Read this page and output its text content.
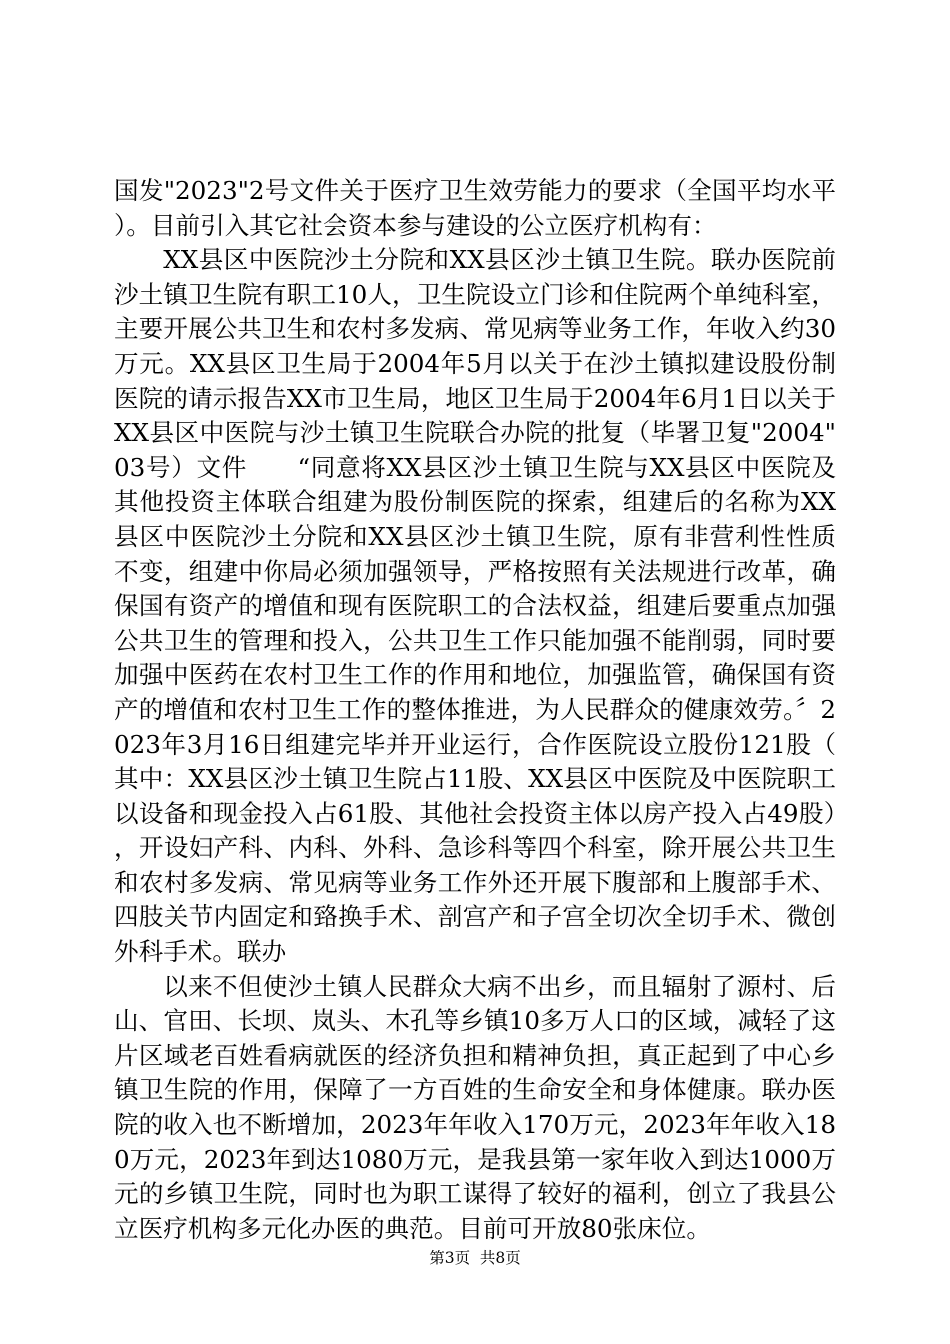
国发"2023"2号文件关于医疗卫生效劳能力的要求（全国平均水平）。目前引入其它社会资本参与建设的公立医疗机构有：

XX县区中医院沙土分院和XX县区沙土镇卫生院。联办医院前沙土镇卫生院有职工10人，卫生院设立门诊和住院两个单纯科室，主要开展公共卫生和农村多发病、常见病等业务工作，年收入约30万元。XX县区卫生局于2004年5月以关于在沙土镇拟建设股份制医院的请示报告XX市卫生局，地区卫生局于2004年6月1日以关于XX县区中医院与沙土镇卫生院联合办院的批复（毕署卫复"2004"03号）文件　　“同意将XX县区沙土镇卫生院与XX县区中医院及其他投资主体联合组建为股份制医院的探索，组建后的名称为XX县区中医院沙土分院和XX县区沙土镇卫生院，原有非营利性性质不变，组建中你局必须加强领导，严格按照有关法规进行改革，确保国有资产的增值和现有医院职工的合法权益，组建后要重点加强公共卫生的管理和投入，公共卫生工作只能加强不能削弱，同时要加强中医药在农村卫生工作的作用和地位，加强监管，确保国有资产的增值和农村卫生工作的整体推进，为人民群众的健康效劳。〞2023年3月16日组建完毕并开业运行，合作医院设立股份121股（其中：XX县区沙土镇卫生院占11股、XX县区中医院及中医院职工以设备和现金投入占61股、其他社会投资主体以房产投入占49股），开设妇产科、内科、外科、急诊科等四个科室，除开展公共卫生和农村多发病、常见病等业务工作外还开展下腹部和上腹部手术、四肢关节内固定和臵换手术、剖宫产和子宫全切次全切手术、微创外科手术。联办

以来不但使沙土镇人民群众大病不出乡，而且辐射了源村、后山、官田、长坝、岚头、木孔等乡镇10多万人口的区域，减轻了这片区域老百姓看病就医的经济负担和精神负担，真正起到了中心乡镇卫生院的作用，保障了一方百姓的生命安全和身体健康。联办医院的收入也不断增加，2023年年收入170万元，2023年年收入180万元，2023年到达1080万元，是我县第一家年收入到达1000万元的乡镇卫生院，同时也为职工谋得了较好的福利，创立了我县公立医疗机构多元化办医的典范。目前可开放80张床位。

第3页  共8页
